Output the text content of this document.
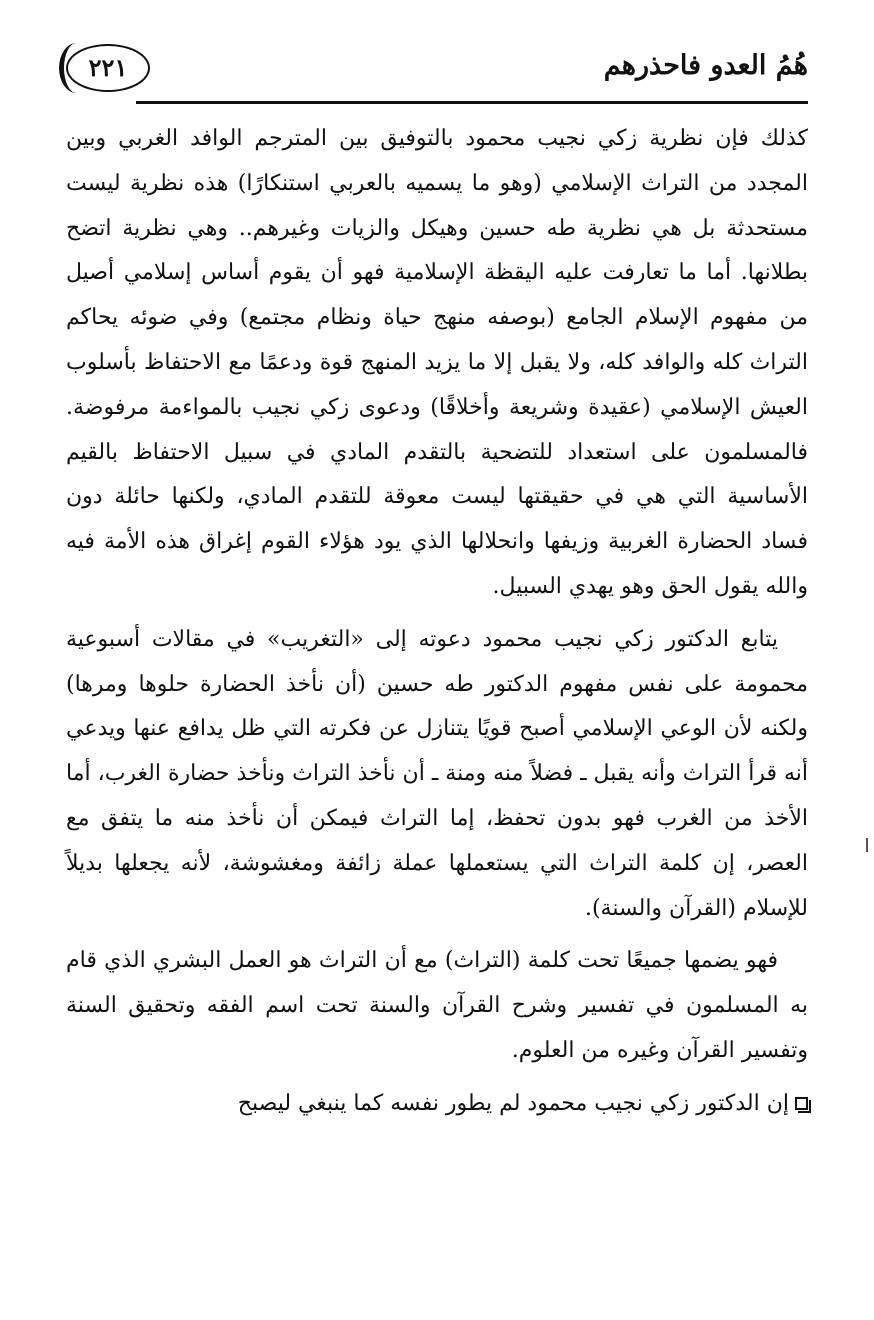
٢٢١	هُمُ العدو فاحذرهم

كذلك فإن نظرية زكي نجيب محمود بالتوفيق بين المترجم الوافد الغربي وبين المجدد من التراث الإسلامي (وهو ما يسميه بالعربي استنكارًا) هذه نظرية ليست مستحدثة بل هي نظرية طه حسين وهيكل والزيات وغيرهم.. وهي نظرية اتضح بطلانها. أما ما تعارفت عليه اليقظة الإسلامية فهو أن يقوم أساس إسلامي أصيل من مفهوم الإسلام الجامع (بوصفه منهج حياة ونظام مجتمع) وفي ضوئه يحاكم التراث كله والوافد كله، ولا يقبل إلا ما يزيد المنهج قوة ودعمًا مع الاحتفاظ بأسلوب العيش الإسلامي (عقيدة وشريعة وأخلاقًا) ودعوى زكي نجيب بالمواءمة مرفوضة. فالمسلمون على استعداد للتضحية بالتقدم المادي في سبيل الاحتفاظ بالقيم الأساسية التي هي في حقيقتها ليست معوقة للتقدم المادي، ولكنها حائلة دون فساد الحضارة الغربية وزيفها وانحلالها الذي يود هؤلاء القوم إغراق هذه الأمة فيه والله يقول الحق وهو يهدي السبيل.

يتابع الدكتور زكي نجيب محمود دعوته إلى «التغريب» في مقالات أسبوعية محمومة على نفس مفهوم الدكتور طه حسين (أن نأخذ الحضارة حلوها ومرها) ولكنه لأن الوعي الإسلامي أصبح قويًا يتنازل عن فكرته التي ظل يدافع عنها ويدعي أنه قرأ التراث وأنه يقبل ـ فضلاً منه ومنة ـ أن نأخذ التراث ونأخذ حضارة الغرب، أما الأخذ من الغرب فهو بدون تحفظ، إما التراث فيمكن أن نأخذ منه ما يتفق مع العصر، إن كلمة التراث التي يستعملها عملة زائفة ومغشوشة، لأنه يجعلها بديلاً للإسلام (القرآن والسنة).

فهو يضمها جميعًا تحت كلمة (التراث) مع أن التراث هو العمل البشري الذي قام به المسلمون في تفسير وشرح القرآن والسنة تحت اسم الفقه وتحقيق السنة وتفسير القرآن وغيره من العلوم.

إن الدكتور زكي نجيب محمود لم يطور نفسه كما ينبغي ليصبح
